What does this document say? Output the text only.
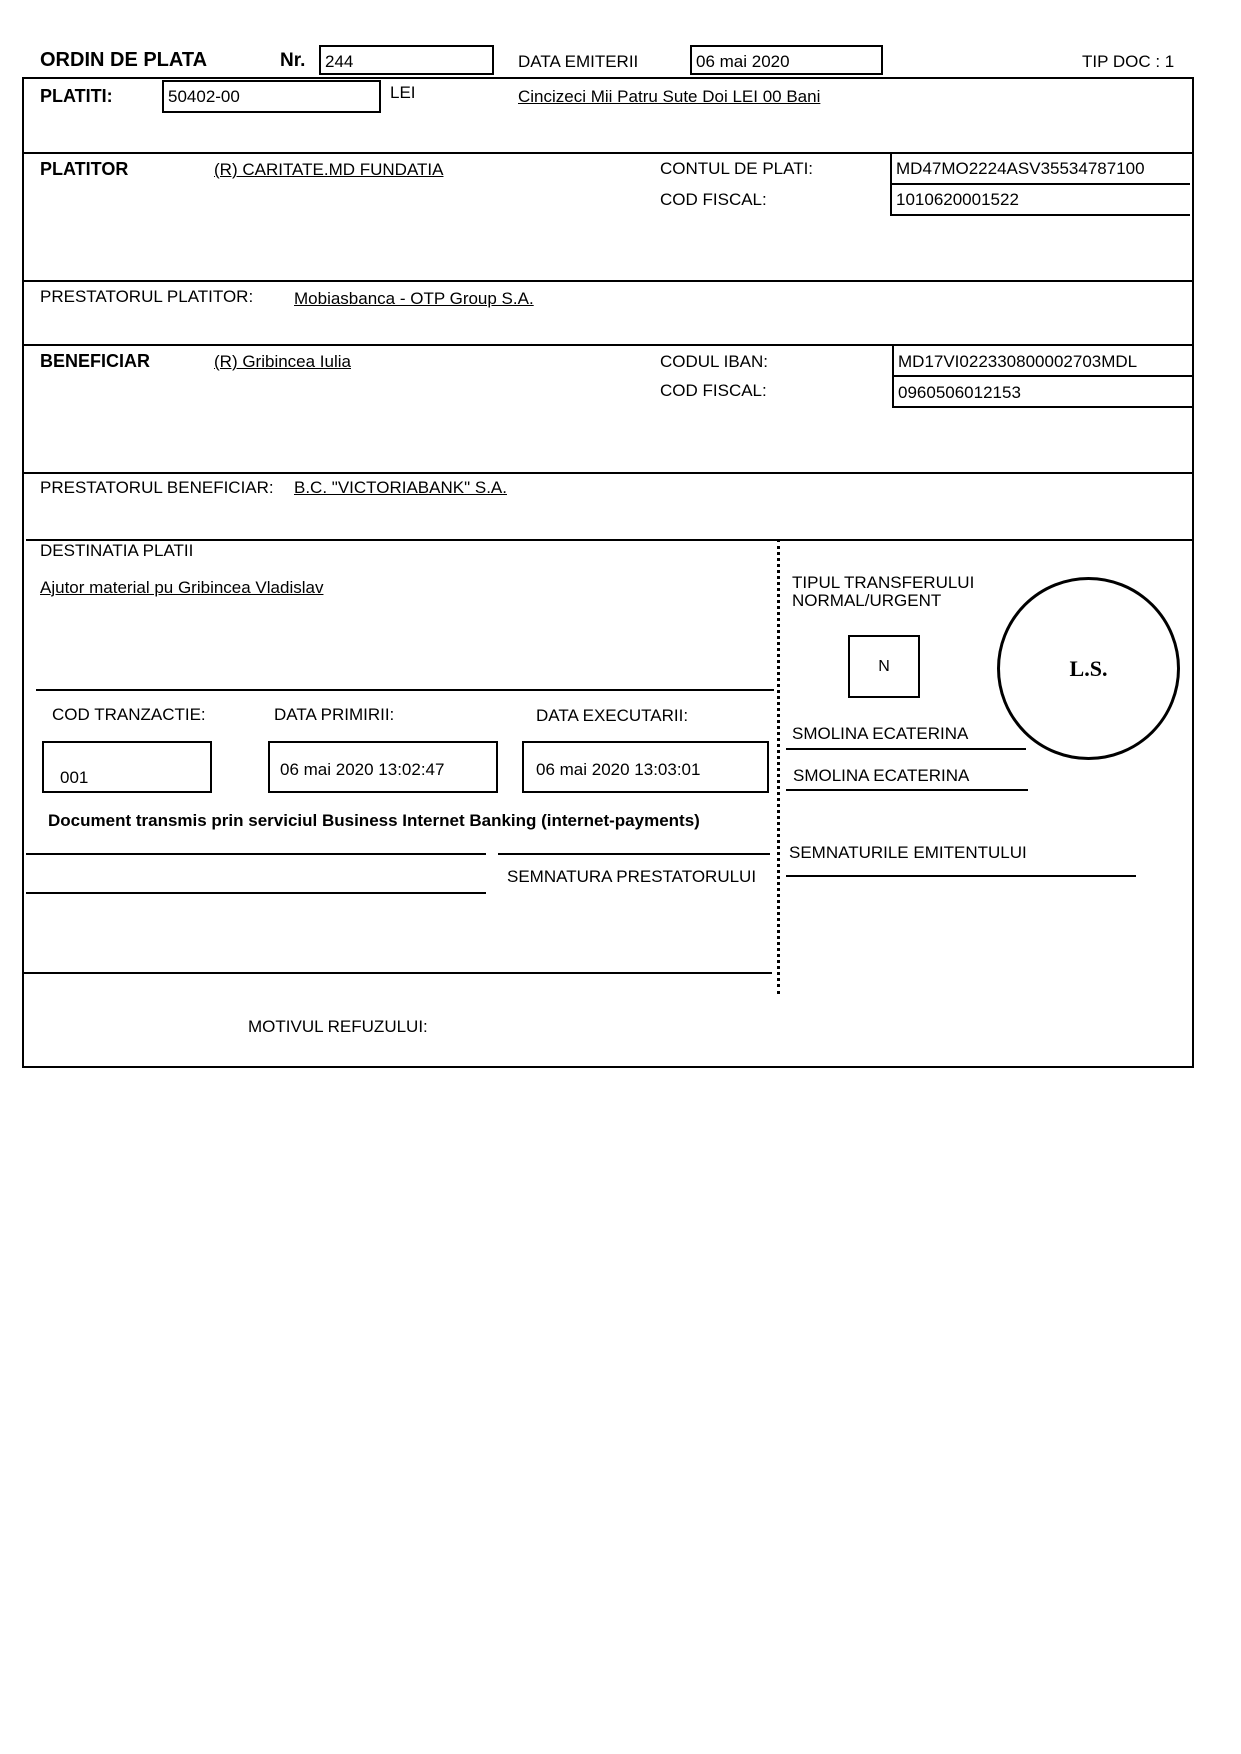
ORDIN DE PLATA	Nr.	244	DATA EMITERII	06 mai 2020	TIP DOC : 1
PLATITI:	50402-00	LEI	Cincizeci Mii Patru Sute Doi LEI 00 Bani
PLATITOR	(R) CARITATE.MD FUNDATIA	CONTUL DE PLATI:	MD47MO2224ASV35534787100
COD FISCAL:	1010620001522
PRESTATORUL PLATITOR: Mobiasbanca - OTP Group S.A.
BENEFICIAR	(R) Gribincea Iulia	CODUL IBAN:	MD17VI022330800002703MDL
COD FISCAL:	0960506012153
PRESTATORUL BENEFICIAR: B.C. "VICTORIABANK" S.A.
DESTINATIA PLATII
Ajutor material pu Gribincea Vladislav
COD TRANZACTIE:	DATA PRIMIRII:	DATA EXECUTARII:
001	06 mai 2020 13:02:47	06 mai 2020 13:03:01
Document transmis prin serviciul Business Internet Banking (internet-payments)
SEMNATURA PRESTATORULUI
MOTIVUL REFUZULUI:
TIPUL TRANSFERULUI
NORMAL/URGENT
N	L.S.
SMOLINA ECATERINA
SMOLINA ECATERINA
SEMNATURILE EMITENTULUI
